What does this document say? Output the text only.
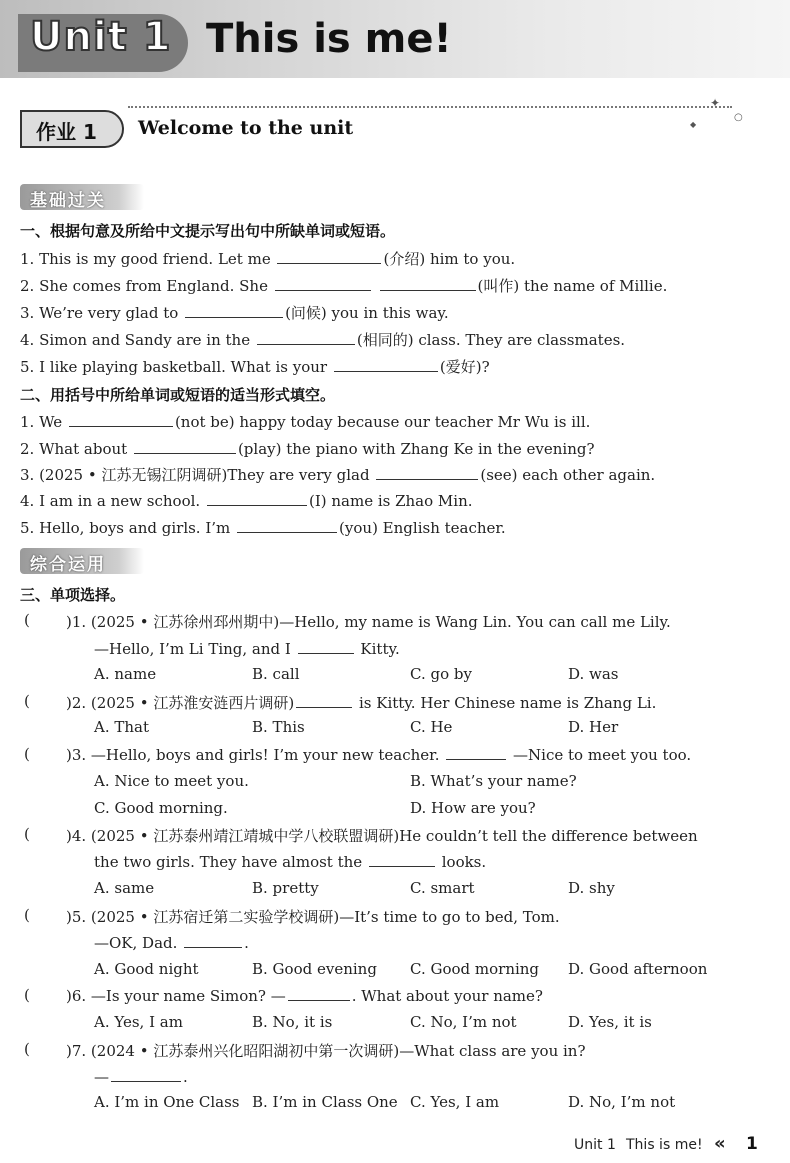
Unit 1 This is me!
✦
○
◆
作业 1 Welcome to the unit
基础过关
一、根据句意及所给中文提示写出句中所缺单词或短语。
1. This is my good friend. Let me	(介绍) him to you.
2. She comes from England. She	(叫作) the name of Millie.
3. We’re very glad to	(问候) you in this way.
4. Simon and Sandy are in the	(相同的) class. They are classmates.
5. I like playing basketball. What is your	(爱好)?
二、用括号中所给单词或短语的适当形式填空。
1. We	(not be) happy today because our teacher Mr Wu is ill.
2. What about	(play) the piano with Zhang Ke in the evening?
3. (2025 • 江苏无锡江阴调研)They are very glad	(see) each other again.
4. I am in a new school.	(I) name is Zhao Min.
5. Hello, boys and girls. I’m	(you) English teacher.
综合运用
三、单项选择。
( )1. (2025 • 江苏徐州邳州期中)—Hello, my name is Wang Lin. You can call me Lily.
—Hello, I’m Li Ting, and I	Kitty.
A. name	B. call	C. go by	D. was
( )2. (2025 • 江苏淮安涟西片调研)	is Kitty. Her Chinese name is Zhang Li.
A. That	B. This	C. He	D. Her
( )3. —Hello, boys and girls! I’m your new teacher.	—Nice to meet you too.
A. Nice to meet you.	B. What’s your name?
C. Good morning.	D. How are you?
( )4. (2025 • 江苏泰州靖江靖城中学八校联盟调研)He couldn’t tell the difference between
the two girls. They have almost the	looks.
A. same	B. pretty	C. smart	D. shy
( )5. (2025 • 江苏宿迁第二实验学校调研)—It’s time to go to bed, Tom.
—OK, Dad.	.
A. Good night	B. Good evening C. Good morning D. Good afternoon
( )6. —Is your name Simon? —	. What about your name?
A. Yes, I am	B. No, it is	C. No, I’m not	D. Yes, it is
( )7. (2024 • 江苏泰州兴化昭阳湖初中第一次调研)—What class are you in?
—	.
A. I’m in One Class B. I’m in Class One C. Yes, I am	D. No, I’m not
Unit 1 This is me! « 1
